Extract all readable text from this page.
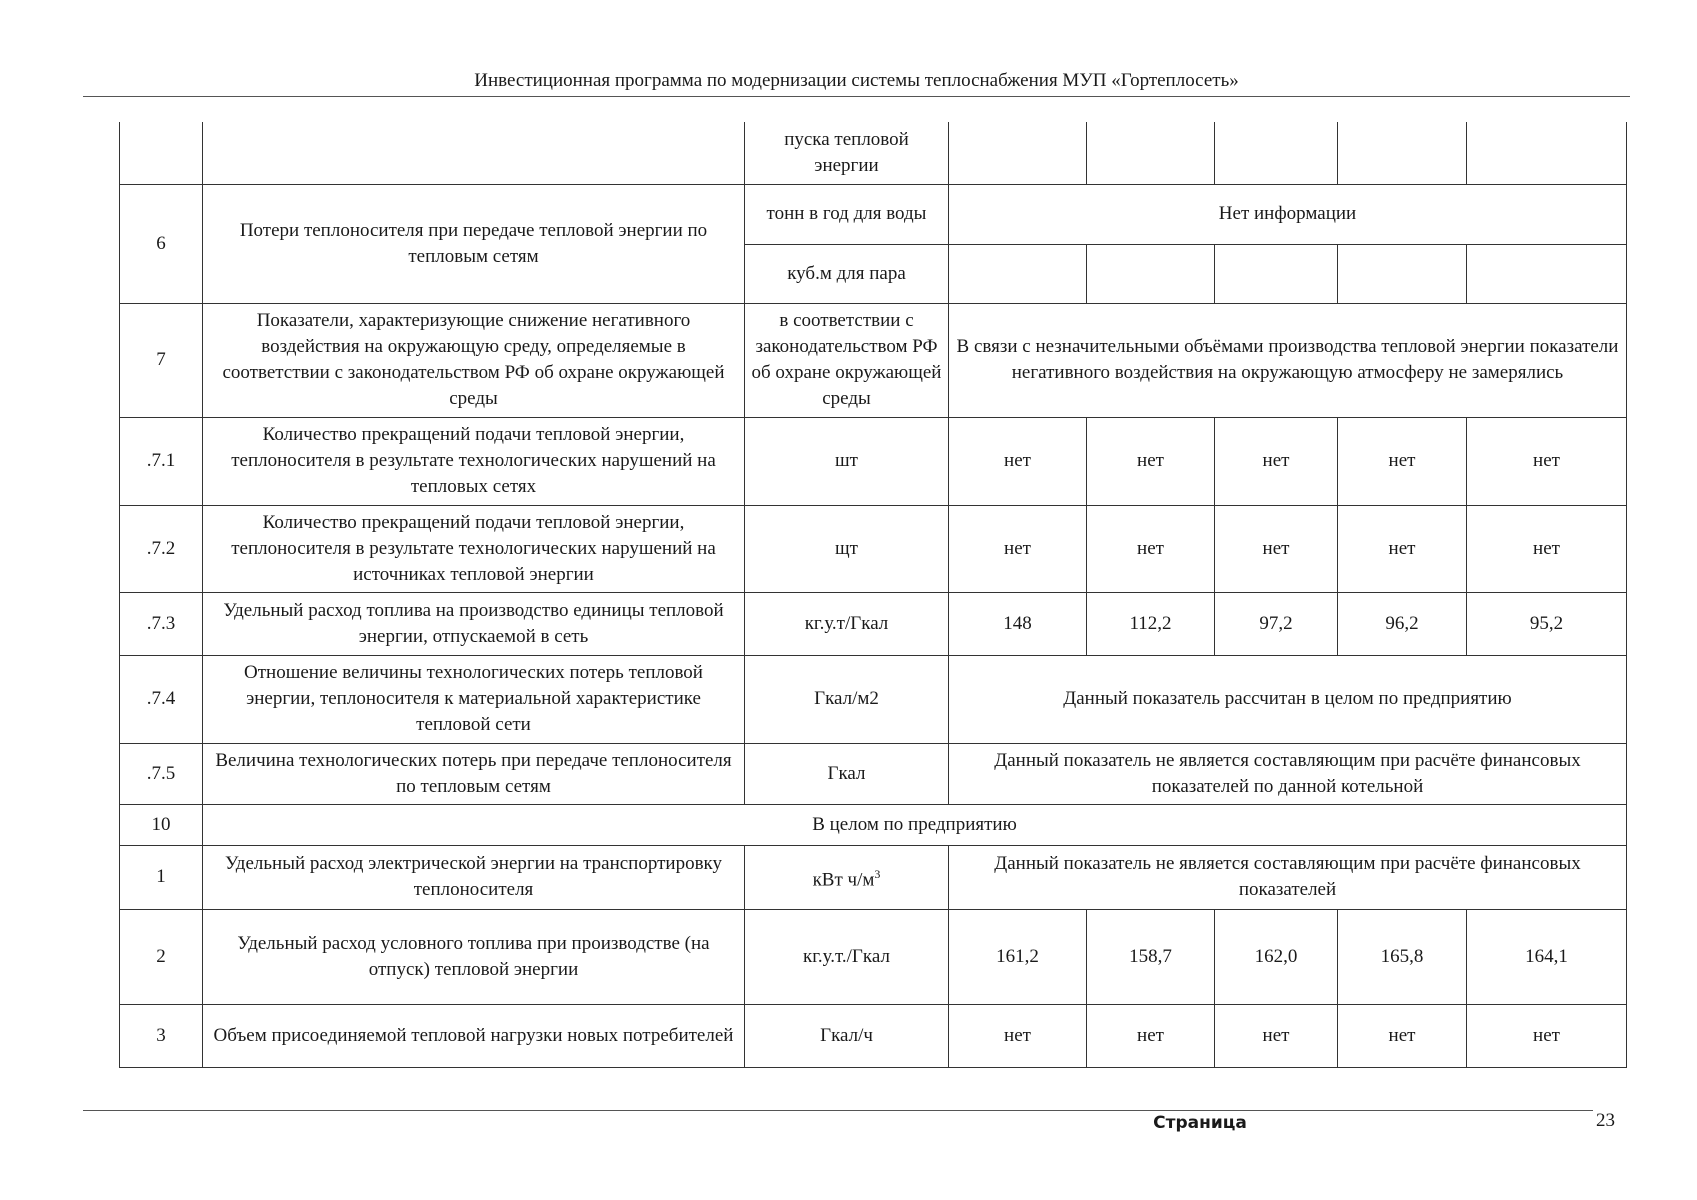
Инвестиционная программа по модернизации системы теплоснабжения МУП «Гортеплосеть»
		пуска тепловой энергии					
6	Потери теплоносителя при передаче тепловой энергии по тепловым сетям	тонн в год для воды	Нет информации				
		куб.м для пара					
7	Показатели, характеризующие снижение негативного воздействия на окружающую среду, определяемые в соответствии с законодательством РФ об охране окружающей среды	в соответствии с законодательством РФ об охране окружающей среды	В связи с незначительными объёмами производства тепловой энергии показатели негативного воздействия на окружающую атмосферу не замерялись				
.7.1	Количество прекращений подачи тепловой энергии, теплоносителя в результате технологических нарушений на тепловых сетях	шт	нет	нет	нет	нет	нет
.7.2	Количество прекращений подачи тепловой энергии, теплоносителя в результате технологических нарушений на источниках тепловой энергии	щт	нет	нет	нет	нет	нет
.7.3	Удельный расход топлива на производство единицы тепловой энергии, отпускаемой в сеть	кг.у.т/Гкал	148	112,2	97,2	96,2	95,2
.7.4	Отношение величины технологических потерь тепловой энергии, теплоносителя к материальной характеристике тепловой сети	Гкал/м2	Данный показатель рассчитан в целом по предприятию				
.7.5	Величина технологических потерь при передаче теплоносителя по тепловым сетям	Гкал	Данный показатель не является составляющим при расчёте финансовых показателей по данной котельной				
10	В целом по предприятию						
1	Удельный расход электрической энергии на транспортировку теплоносителя	кВт $ч/м^3$	Данный показатель не является составляющим при расчёте финансовых показателей				
2	Удельный расход условного топлива при производстве (на отпуск) тепловой энергии	кг.у.т./Гкал	161,2	158,7	162,0	165,8	164,1
3	Объем присоединяемой тепловой нагрузки новых потребителей	Гкал/ч	нет	нет	нет	нет	нет
Страница	23
